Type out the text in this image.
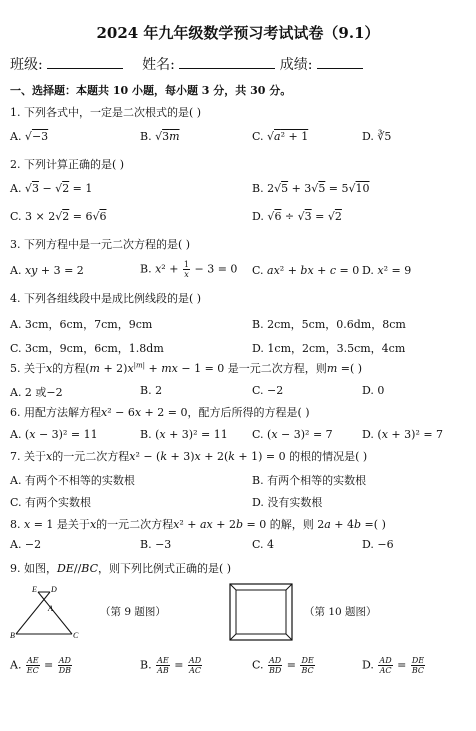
2024 年九年级数学预习考试试卷（9.1）
班级:	姓名:	成绩:
一、选择题：本题共 10 小题，每小题 3 分，共 30 分。
1. 下列各式中，一定是二次根式的是( )
A. √−3	B. √3m	C. √a² + 1	D. ∛5
2. 下列计算正确的是( )
A. √3 − √2 = 1	B. 2√5 + 3√5 = 5√10
C. 3 × 2√2 = 6√6	D. √6 ÷ √3 = √2
3. 下列方程中是一元二次方程的是( )
A. xy + 3 = 2	B. $x^2 + \frac{1}{x} - 3 = 0$ C. ax² + bx + c = 0 D. x² = 9
4. 下列各组线段中是成比例线段的是( )
A. 3cm，6cm，7cm，9cm	B. 2cm，5cm，0.6dm，8cm
C. 3cm，9cm，6cm，1.8dm	D. 1cm，2cm，3.5cm，4cm
5. 关于x的方程$(m + 2)x^{|m|}$ + mx − 1 = 0 是一元二次方程，则m =( )
A. 2 或−2	B. 2	C. −2	D. 0
6. 用配方法解方程x² − 6x + 2 = 0，配方后所得的方程是( )
A. (x − 3)² = 11	B. (x + 3)² = 11 C. (x − 3)² = 7	D. (x + 3)² = 7
7. 关于x的一元二次方程x² − (k + 3)x + 2(k + 1) = 0 的根的情况是( )
A. 有两个不相等的实数根	B. 有两个相等的实数根
C. 有两个实数根	D. 没有实数根
8. x = 1 是关于x的一元二次方程x² + ax + 2b = 0 的解，则 2a + 4b =( )
A. −2	B. −3	C. 4	D. −6
9. 如图，DE//BC，则下列比例式正确的是( )
E D
A
B	C
（第 9 题图）	（第 10 题图）
A. $\frac{AE}{EC} = \frac{AD}{DB}$	B. $\frac{AE}{AB} = \frac{AD}{AC}$	C. $\frac{AD}{BD} = \frac{DE}{BC}$	D. $\frac{AD}{AC} = \frac{DE}{BC}$
